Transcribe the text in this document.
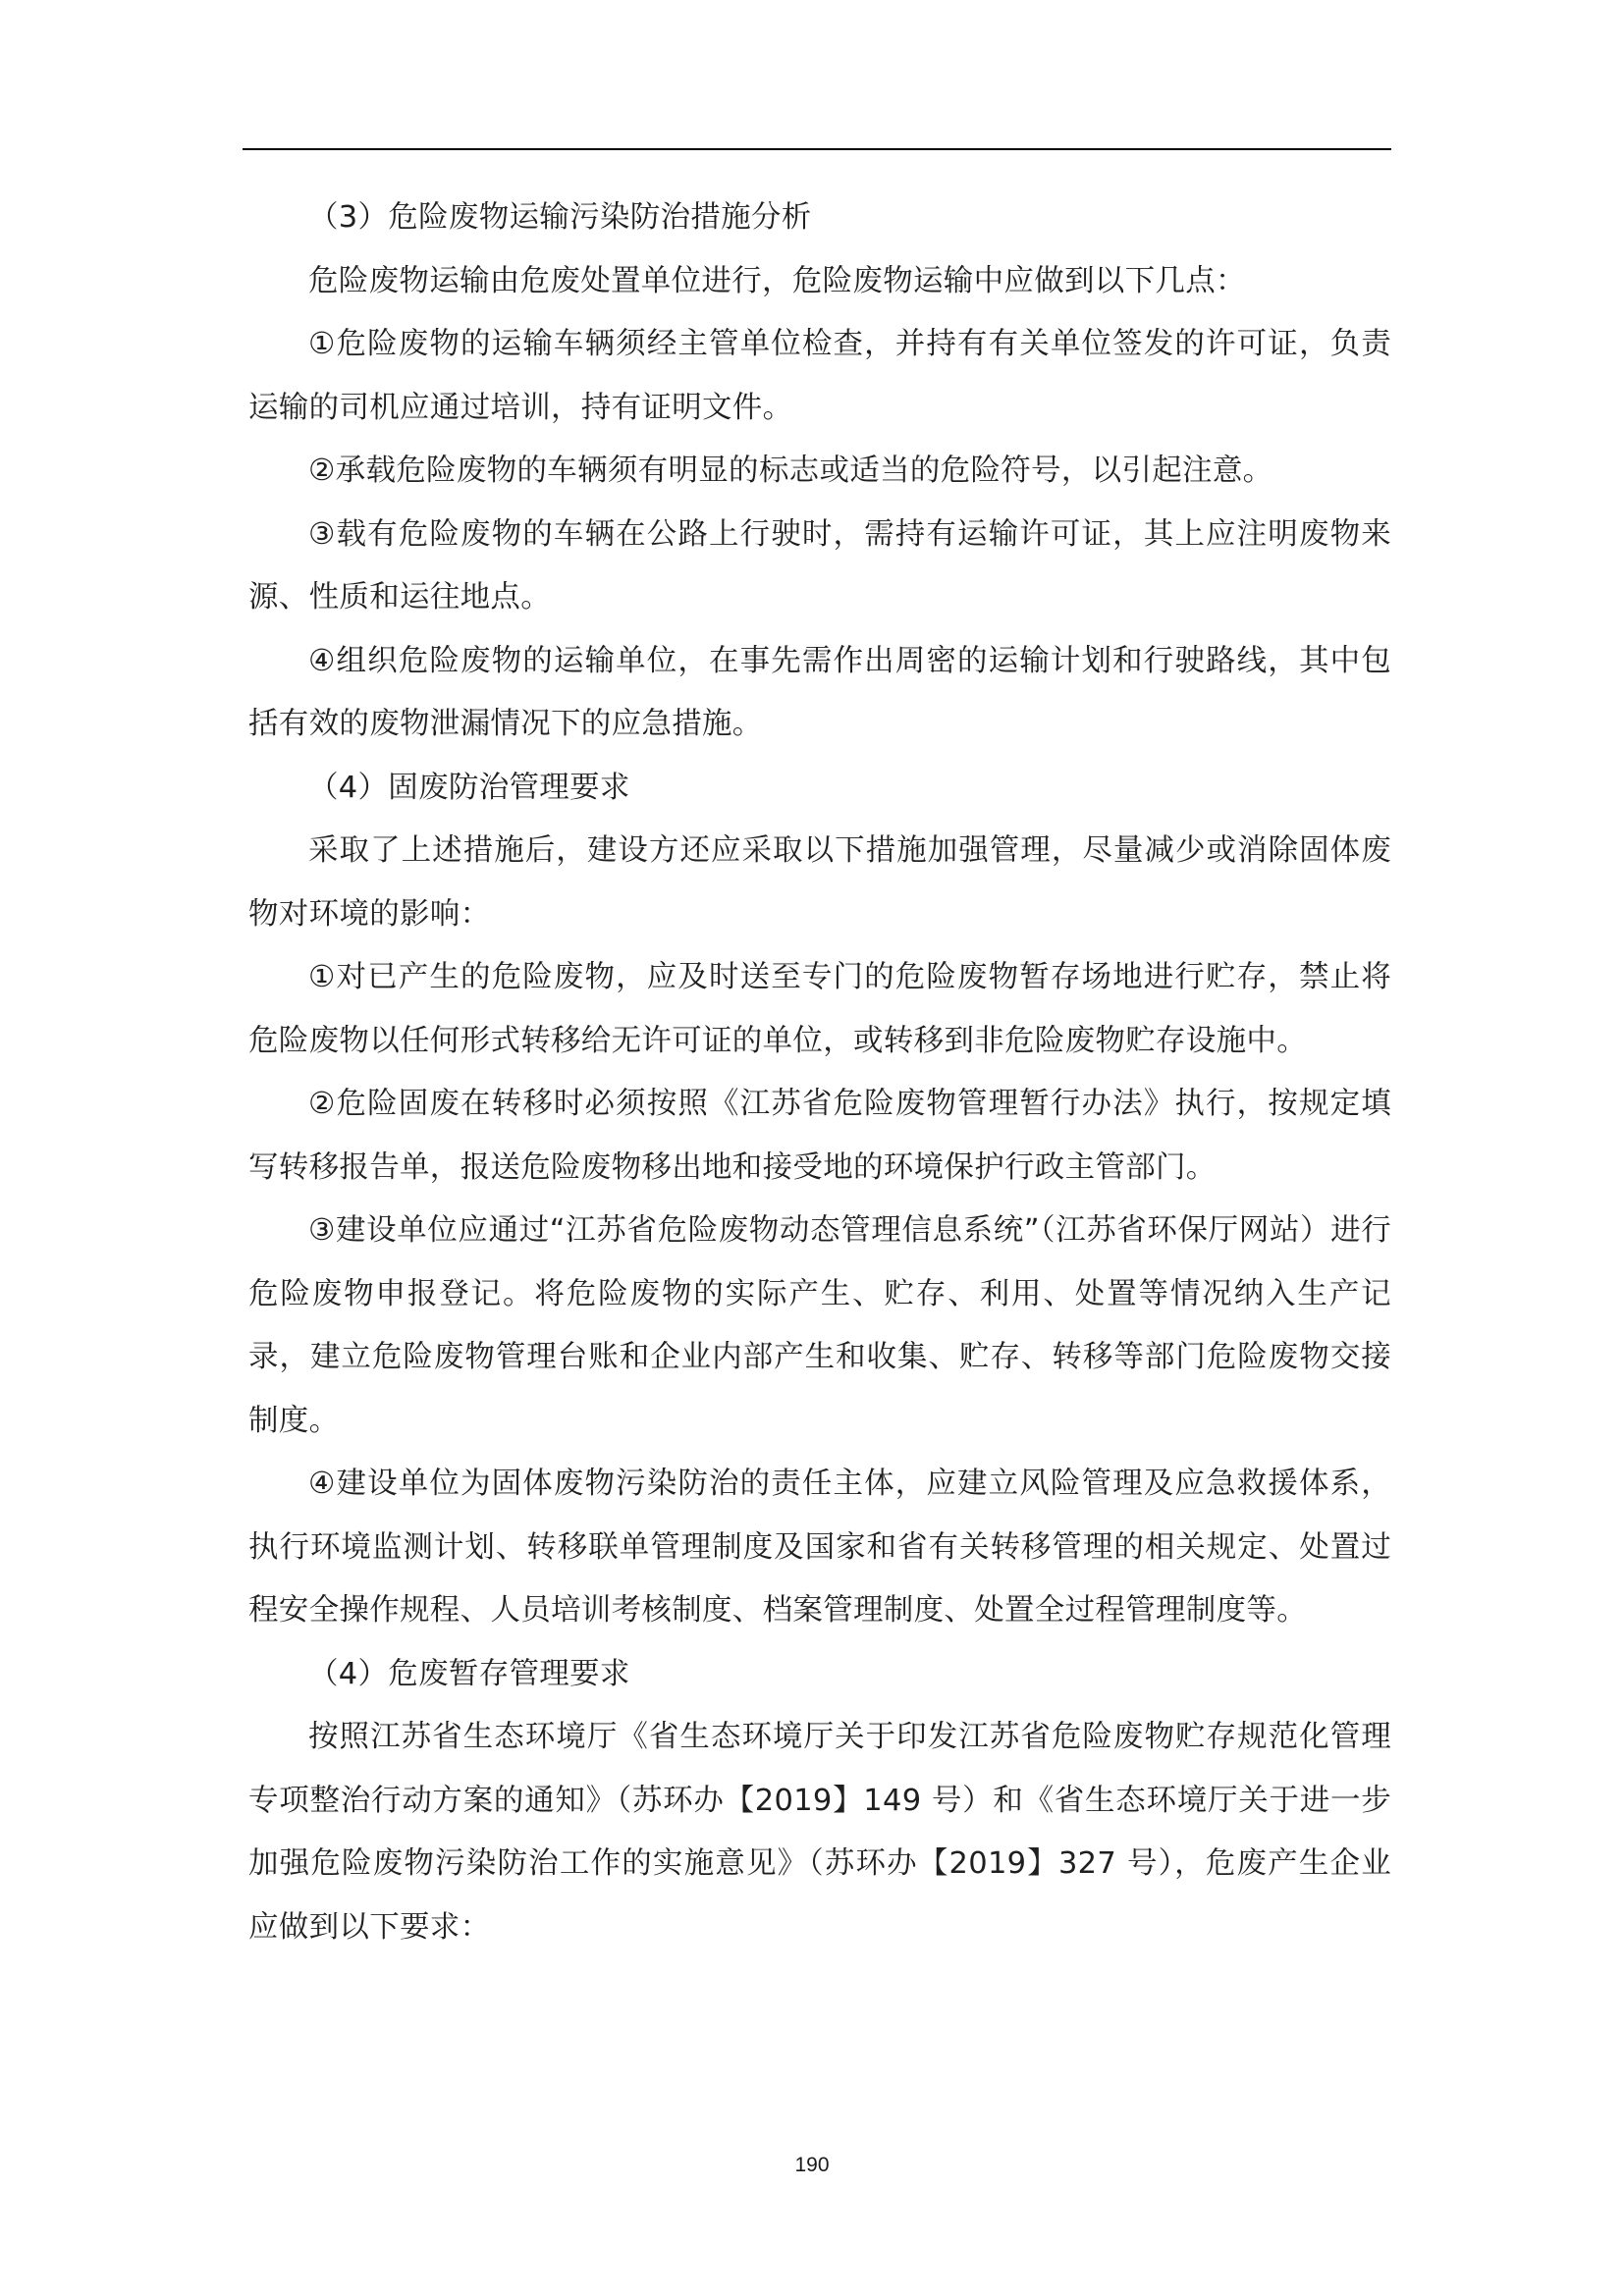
（3）危险废物运输污染防治措施分析

危险废物运输由危废处置单位进行，危险废物运输中应做到以下几点：

①危险废物的运输车辆须经主管单位检查，并持有有关单位签发的许可证，负责运输的司机应通过培训，持有证明文件。

②承载危险废物的车辆须有明显的标志或适当的危险符号，以引起注意。

③载有危险废物的车辆在公路上行驶时，需持有运输许可证，其上应注明废物来源、性质和运往地点。

④组织危险废物的运输单位，在事先需作出周密的运输计划和行驶路线，其中包括有效的废物泄漏情况下的应急措施。

（4）固废防治管理要求

采取了上述措施后，建设方还应采取以下措施加强管理，尽量减少或消除固体废物对环境的影响：

①对已产生的危险废物，应及时送至专门的危险废物暂存场地进行贮存，禁止将危险废物以任何形式转移给无许可证的单位，或转移到非危险废物贮存设施中。

②危险固废在转移时必须按照《江苏省危险废物管理暂行办法》执行，按规定填写转移报告单，报送危险废物移出地和接受地的环境保护行政主管部门。

③建设单位应通过“江苏省危险废物动态管理信息系统”（江苏省环保厅网站）进行危险废物申报登记。将危险废物的实际产生、贮存、利用、处置等情况纳入生产记录，建立危险废物管理台账和企业内部产生和收集、贮存、转移等部门危险废物交接制度。

④建设单位为固体废物污染防治的责任主体，应建立风险管理及应急救援体系，执行环境监测计划、转移联单管理制度及国家和省有关转移管理的相关规定、处置过程安全操作规程、人员培训考核制度、档案管理制度、处置全过程管理制度等。

（4）危废暂存管理要求

按照江苏省生态环境厅《省生态环境厅关于印发江苏省危险废物贮存规范化管理专项整治行动方案的通知》（苏环办【2019】149 号）和《省生态环境厅关于进一步加强危险废物污染防治工作的实施意见》（苏环办【2019】327 号），危废产生企业应做到以下要求：

190
